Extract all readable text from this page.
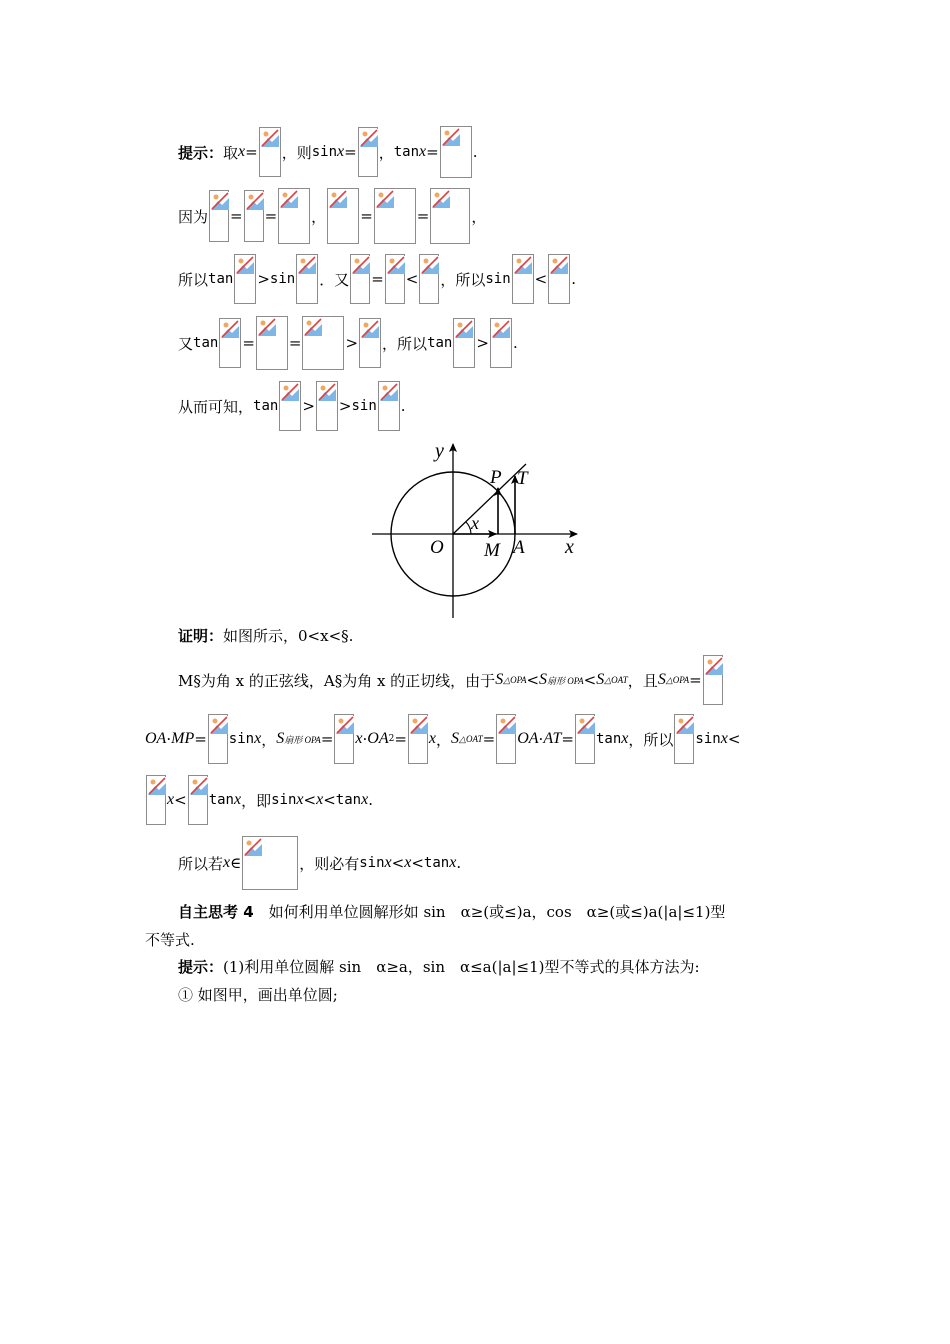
提示： 取 x = ，则 sin x = ， tan x = .
因为 = = ， =	=	，
所以 tan > sin ．又 = < ，所以 sin < .
又 tan = =	> ，所以 tan > .
从而可知， tan > > sin .
y
x
P T
O M A
x
证明： 如图所示，0<x<§.
M§为角 x 的正弦线，A§为角 x 的正切线，由于 S △OPA < S 扇形 OPA < S △OAT ，且 S △OPA =
OA · MP = sin x ， S 扇形 OPA = x · OA 2 = x ， S △OAT = OA · AT = tan x ，所以 sin x <
x < tan x ，即 sin x < x < tan x .
所以若 x ∈	，则必有 sin x < x < tan x .
自主思考 4 　如何利用单位圆解形如 sin　α≥(或≤)a，cos　α≥(或≤)a(|a|≤1)型
不等式.
提示： (1)利用单位圆解 sin　α≥a，sin　α≤a(|a|≤1)型不等式的具体方法为:
① 如图甲，画出单位圆;
